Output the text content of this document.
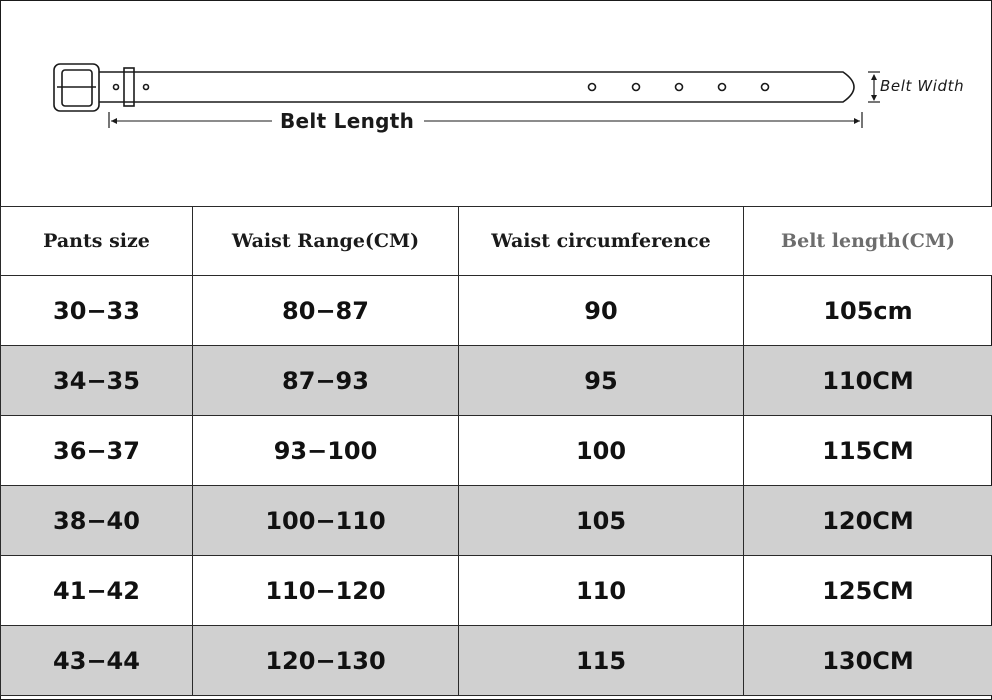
Belt Length
Belt Width
Pants size	Waist Range(CM)	Waist circumference	Belt length(CM)
30−33	80−87	90	105cm
34−35	87−93	95	110CM
36−37	93−100	100	115CM
38−40	100−110	105	120CM
41−42	110−120	110	125CM
43−44	120−130	115	130CM
